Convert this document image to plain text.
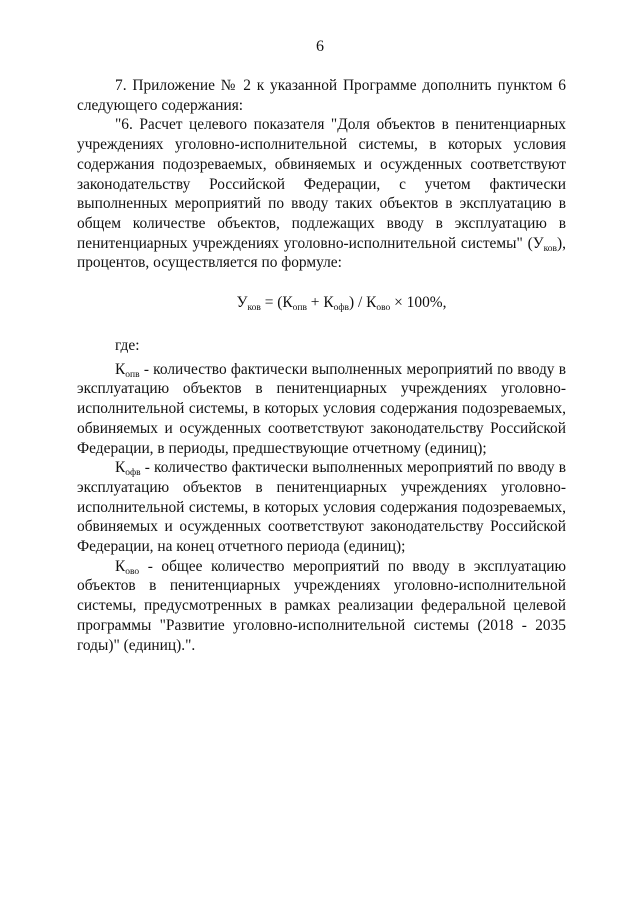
6

7. Приложение № 2 к указанной Программе дополнить пунктом 6 следующего содержания:

"6. Расчет целевого показателя "Доля объектов в пенитенциарных учреждениях уголовно-исполнительной системы, в которых условия содержания подозреваемых, обвиняемых и осужденных соответствуют законодательству Российской Федерации, с учетом фактически выполненных мероприятий по вводу таких объектов в эксплуатацию в общем количестве объектов, подлежащих вводу в эксплуатацию в пенитенциарных учреждениях уголовно-исполнительной системы" $(У_{ков})$, процентов, осуществляется по формуле:

$У_{ков} = (К_{опв} + К_{офв}) / К_{ово} \times 100\%$,

где:

$К_{опв}$ - количество фактически выполненных мероприятий по вводу в эксплуатацию объектов в пенитенциарных учреждениях уголовно-исполнительной системы, в которых условия содержания подозреваемых, обвиняемых и осужденных соответствуют законодательству Российской Федерации, в периоды, предшествующие отчетному (единиц);

$К_{офв}$ - количество фактически выполненных мероприятий по вводу в эксплуатацию объектов в пенитенциарных учреждениях уголовно-исполнительной системы, в которых условия содержания подозреваемых, обвиняемых и осужденных соответствуют законодательству Российской Федерации, на конец отчетного периода (единиц);

$К_{ово}$ - общее количество мероприятий по вводу в эксплуатацию объектов в пенитенциарных учреждениях уголовно-исполнительной системы, предусмотренных в рамках реализации федеральной целевой программы "Развитие уголовно-исполнительной системы (2018 - 2035 годы)" (единиц).".
